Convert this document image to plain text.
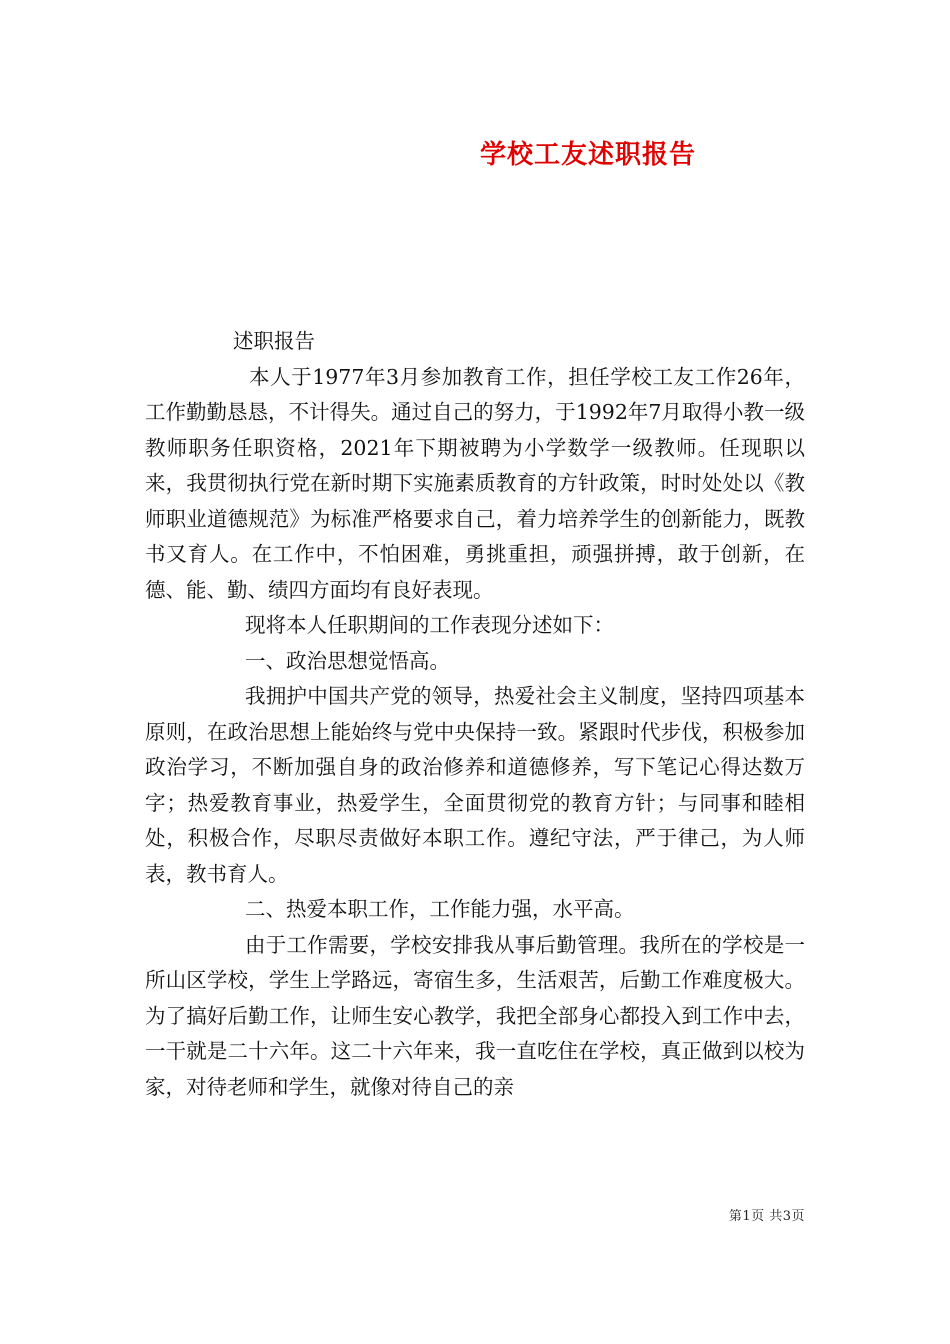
学校工友述职报告

述职报告

本人于1977年3月参加教育工作，担任学校工友工作26年，工作勤勤恳恳，不计得失。通过自己的努力，于1992年7月取得小教一级教师职务任职资格，2021年下期被聘为小学数学一级教师。任现职以来，我贯彻执行党在新时期下实施素质教育的方针政策，时时处处以《教师职业道德规范》为标准严格要求自己，着力培养学生的创新能力，既教书又育人。在工作中，不怕困难，勇挑重担，顽强拼搏，敢于创新，在德、能、勤、绩四方面均有良好表现。

现将本人任职期间的工作表现分述如下：

一、政治思想觉悟高。

我拥护中国共产党的领导，热爱社会主义制度，坚持四项基本原则，在政治思想上能始终与党中央保持一致。紧跟时代步伐，积极参加政治学习，不断加强自身的政治修养和道德修养，写下笔记心得达数万字；热爱教育事业，热爱学生，全面贯彻党的教育方针；与同事和睦相处，积极合作，尽职尽责做好本职工作。遵纪守法，严于律己，为人师表，教书育人。

二、热爱本职工作，工作能力强，水平高。

由于工作需要，学校安排我从事后勤管理。我所在的学校是一所山区学校，学生上学路远，寄宿生多，生活艰苦，后勤工作难度极大。为了搞好后勤工作，让师生安心教学，我把全部身心都投入到工作中去，一干就是二十六年。这二十六年来，我一直吃住在学校，真正做到以校为家，对待老师和学生，就像对待自己的亲

第1页 共3页
